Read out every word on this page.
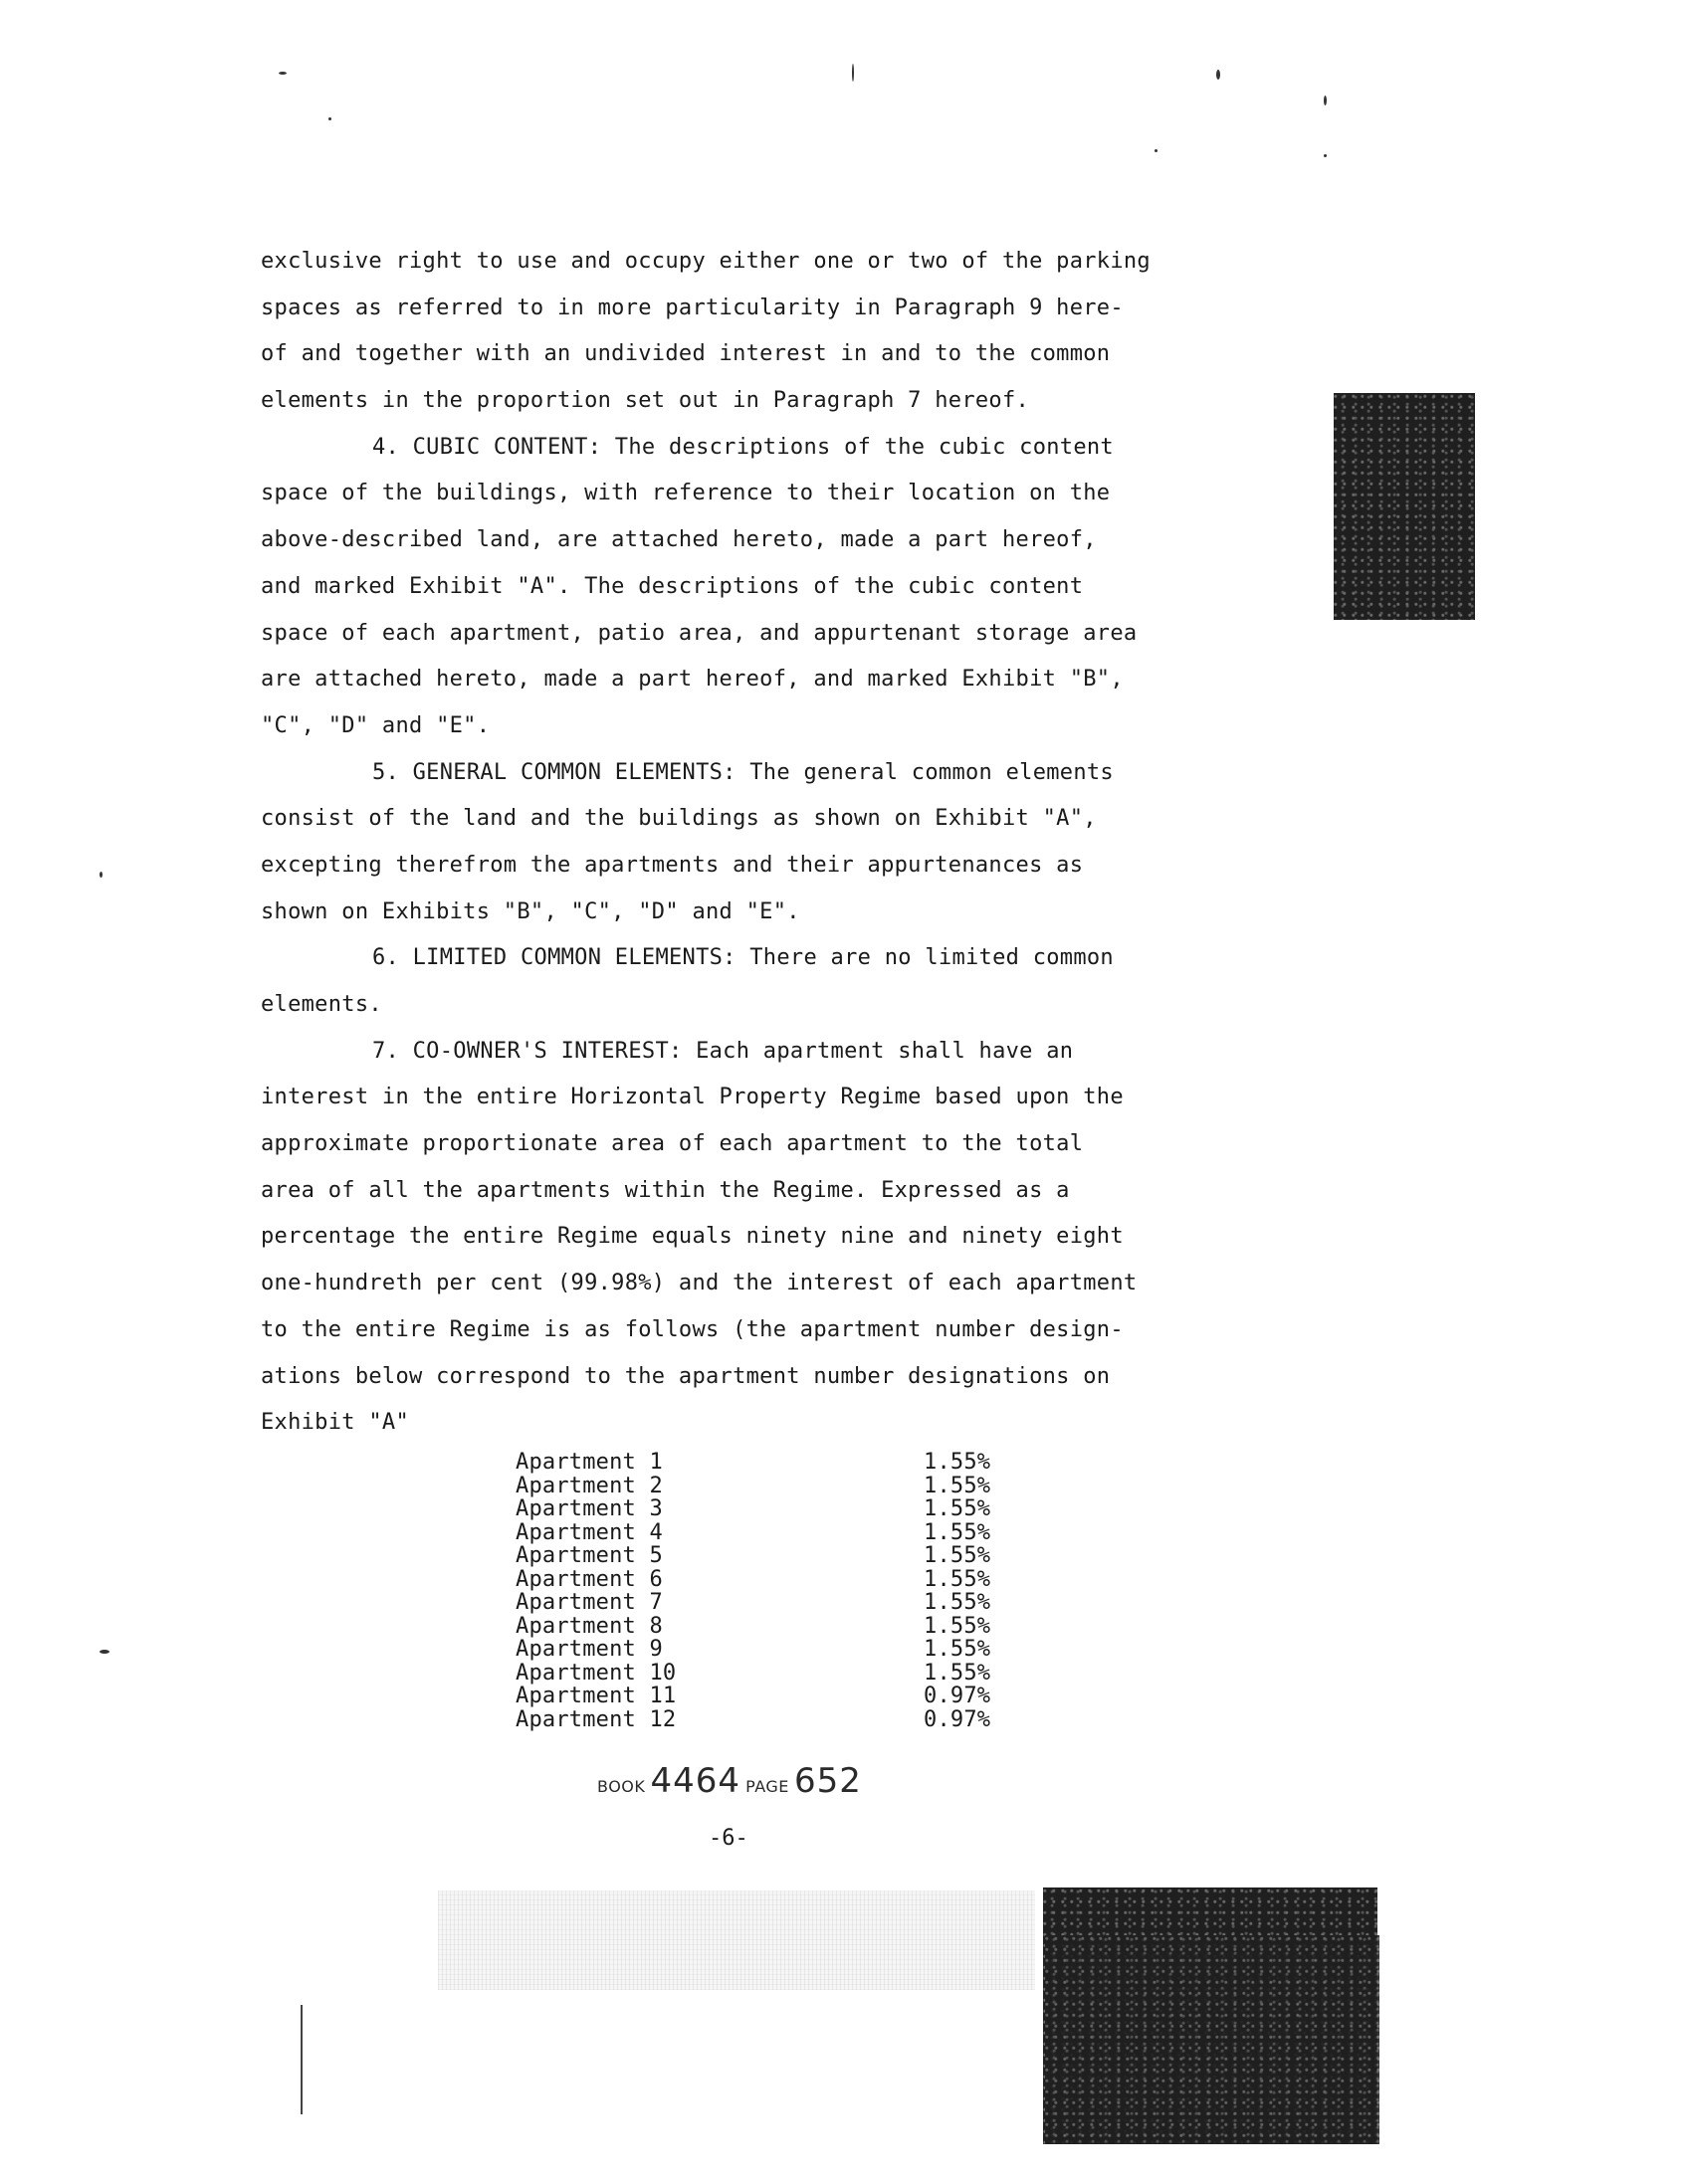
exclusive right to use and occupy either one or two of the parking
spaces as referred to in more particularity in Paragraph 9 here-
of and together with an undivided interest in and to the common
elements in the proportion set out in Paragraph 7 hereof.
4. CUBIC CONTENT: The descriptions of the cubic content
space of the buildings, with reference to their location on the
above-described land, are attached hereto, made a part hereof,
and marked Exhibit "A". The descriptions of the cubic content
space of each apartment, patio area, and appurtenant storage area
are attached hereto, made a part hereof, and marked Exhibit "B",
"C", "D" and "E".
5. GENERAL COMMON ELEMENTS: The general common elements
consist of the land and the buildings as shown on Exhibit "A",
excepting therefrom the apartments and their appurtenances as
shown on Exhibits "B", "C", "D" and "E".
6. LIMITED COMMON ELEMENTS: There are no limited common
elements.
7. CO-OWNER'S INTEREST: Each apartment shall have an
interest in the entire Horizontal Property Regime based upon the
approximate proportionate area of each apartment to the total
area of all the apartments within the Regime. Expressed as a
percentage the entire Regime equals ninety nine and ninety eight
one-hundreth per cent (99.98%) and the interest of each apartment
to the entire Regime is as follows (the apartment number design-
ations below correspond to the apartment number designations on
Exhibit "A"
Apartment 1	1.55%
Apartment 2	1.55%
Apartment 3	1.55%
Apartment 4	1.55%
Apartment 5	1.55%
Apartment 6	1.55%
Apartment 7	1.55%
Apartment 8	1.55%
Apartment 9	1.55%
Apartment 10	1.55%
Apartment 11	0.97%
Apartment 12	0.97%
BOOK 4464 PAGE 652
-6-
